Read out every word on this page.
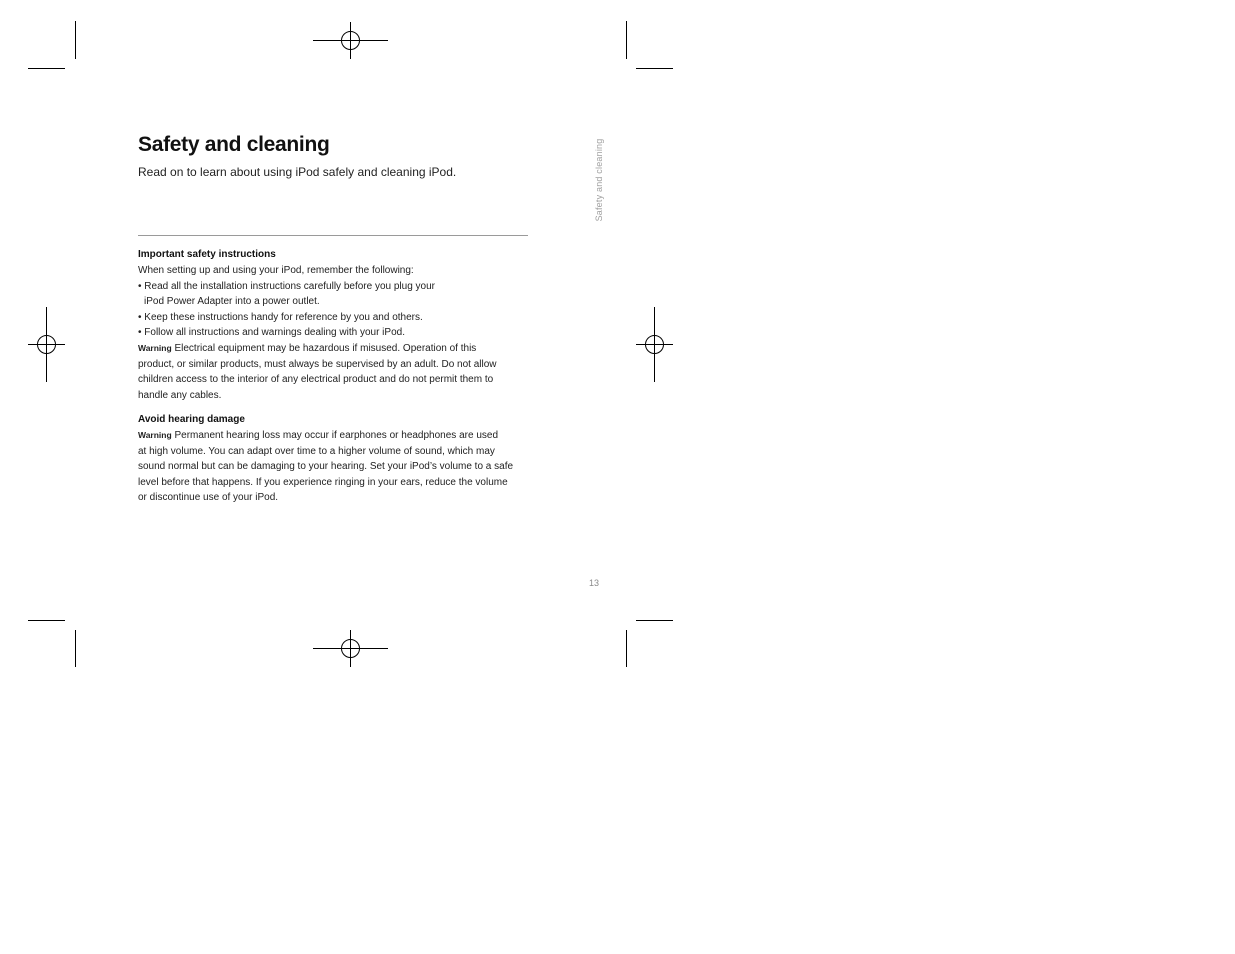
Safety and cleaning

Read on to learn about using iPod safely and cleaning iPod.	Safety and cleaning

Important safety instructions

When setting up and using your iPod, remember the following:

• Read all the installation instructions carefully before you plug your

iPod Power Adapter into a power outlet.

• Keep these instructions handy for reference by you and others.

• Follow all instructions and warnings dealing with your iPod.

Warning Electrical equipment may be hazardous if misused. Operation of this

product, or similar products, must always be supervised by an adult. Do not allow

children access to the interior of any electrical product and do not permit them to

handle any cables.

Avoid hearing damage

Warning Permanent hearing loss may occur if earphones or headphones are used

at high volume. You can adapt over time to a higher volume of sound, which may

sound normal but can be damaging to your hearing. Set your iPod’s volume to a safe

level before that happens. If you experience ringing in your ears, reduce the volume

or discontinue use of your iPod.

13
